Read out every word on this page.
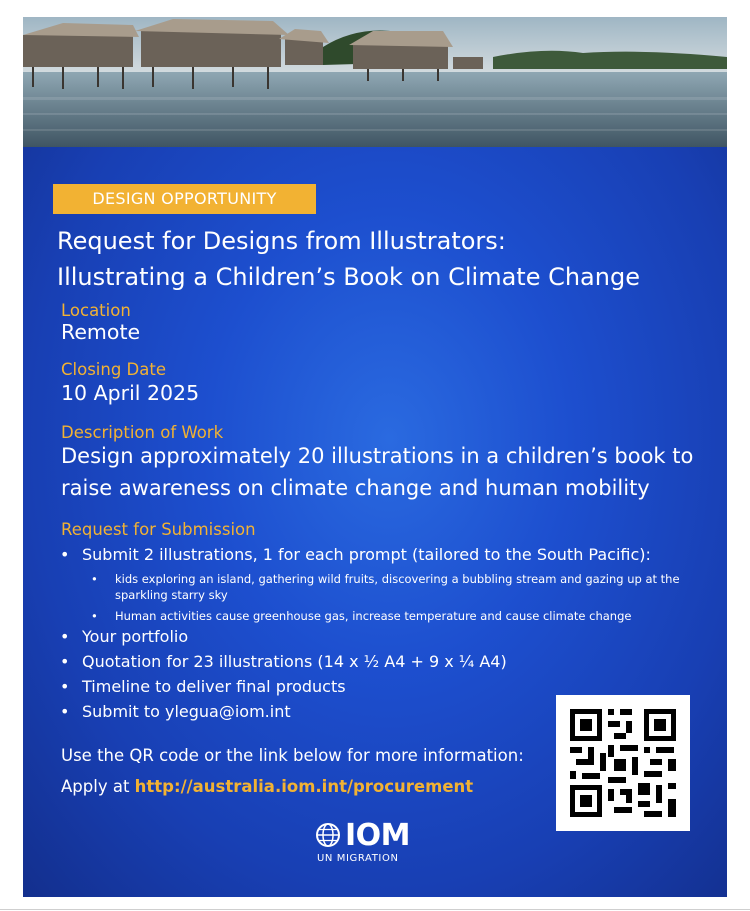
DESIGN OPPORTUNITY
Request for Designs from Illustrators:
Illustrating a Children’s Book on Climate Change
Location
Remote
Closing Date
10 April 2025
Description of Work
Design approximately 20 illustrations in a children’s book to raise awareness on climate change and human mobility
Request for Submission
• Submit 2 illustrations, 1 for each prompt (tailored to the South Pacific):
•	kids exploring an island, gathering wild fruits, discovering a bubbling stream and gazing up at the sparkling starry sky
•	Human activities cause greenhouse gas, increase temperature and cause climate change
• Your portfolio
• Quotation for 23 illustrations (14 x ½ A4 + 9 x ¼ A4)
• Timeline to deliver final products
• Submit to ylegua@iom.int
Use the QR code or the link below for more information:
Apply at http://australia.iom.int/procurement
IOM
UN MIGRATION
